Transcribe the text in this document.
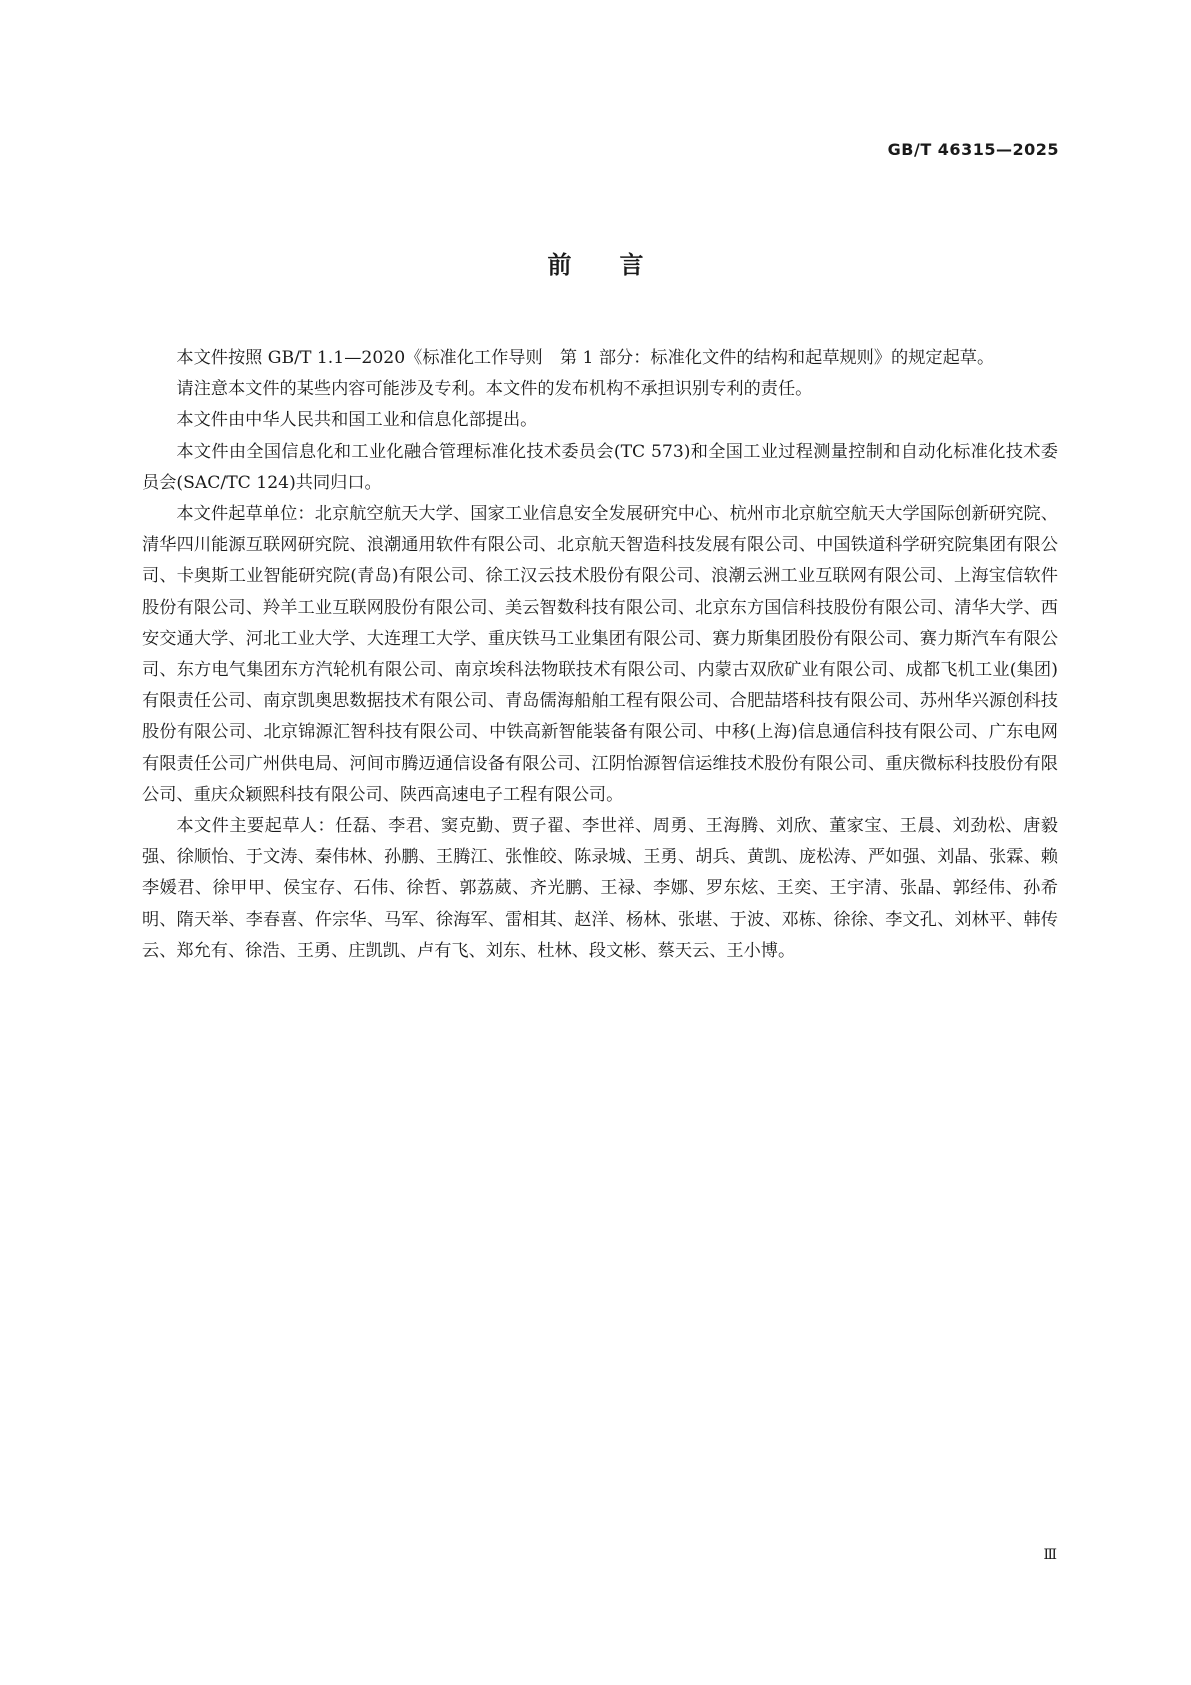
GB/T 46315—2025
前言

本文件按照 GB/T 1.1—2020《标准化工作导则　第 1 部分：标准化文件的结构和起草规则》的规定起草。

请注意本文件的某些内容可能涉及专利。本文件的发布机构不承担识别专利的责任。

本文件由中华人民共和国工业和信息化部提出。

本文件由全国信息化和工业化融合管理标准化技术委员会(TC 573)和全国工业过程测量控制和自动化标准化技术委员会(SAC/TC 124)共同归口。

本文件起草单位：北京航空航天大学、国家工业信息安全发展研究中心、杭州市北京航空航天大学国际创新研究院、清华四川能源互联网研究院、浪潮通用软件有限公司、北京航天智造科技发展有限公司、中国铁道科学研究院集团有限公司、卡奥斯工业智能研究院(青岛)有限公司、徐工汉云技术股份有限公司、浪潮云洲工业互联网有限公司、上海宝信软件股份有限公司、羚羊工业互联网股份有限公司、美云智数科技有限公司、北京东方国信科技股份有限公司、清华大学、西安交通大学、河北工业大学、大连理工大学、重庆铁马工业集团有限公司、赛力斯集团股份有限公司、赛力斯汽车有限公司、东方电气集团东方汽轮机有限公司、南京埃科法物联技术有限公司、内蒙古双欣矿业有限公司、成都飞机工业(集团)有限责任公司、南京凯奥思数据技术有限公司、青岛儒海船舶工程有限公司、合肥喆塔科技有限公司、苏州华兴源创科技股份有限公司、北京锦源汇智科技有限公司、中铁高新智能装备有限公司、中移(上海)信息通信科技有限公司、广东电网有限责任公司广州供电局、河间市腾迈通信设备有限公司、江阴怡源智信运维技术股份有限公司、重庆微标科技股份有限公司、重庆众颖熙科技有限公司、陕西高速电子工程有限公司。

本文件主要起草人：任磊、李君、窦克勤、贾子翟、李世祥、周勇、王海腾、刘欣、董家宝、王晨、刘劲松、唐毅强、徐顺怡、于文涛、秦伟林、孙鹏、王腾江、张惟皎、陈录城、王勇、胡兵、黄凯、庞松涛、严如强、刘晶、张霖、赖李媛君、徐甲甲、侯宝存、石伟、徐哲、郭荔葳、齐光鹏、王禄、李娜、罗东炫、王奕、王宇清、张晶、郭经伟、孙希明、隋天举、李春喜、仵宗华、马军、徐海军、雷相其、赵洋、杨林、张堪、于波、邓栋、徐徐、李文孔、刘林平、韩传云、郑允有、徐浩、王勇、庄凯凯、卢有飞、刘东、杜林、段文彬、蔡天云、王小博。

Ⅲ
